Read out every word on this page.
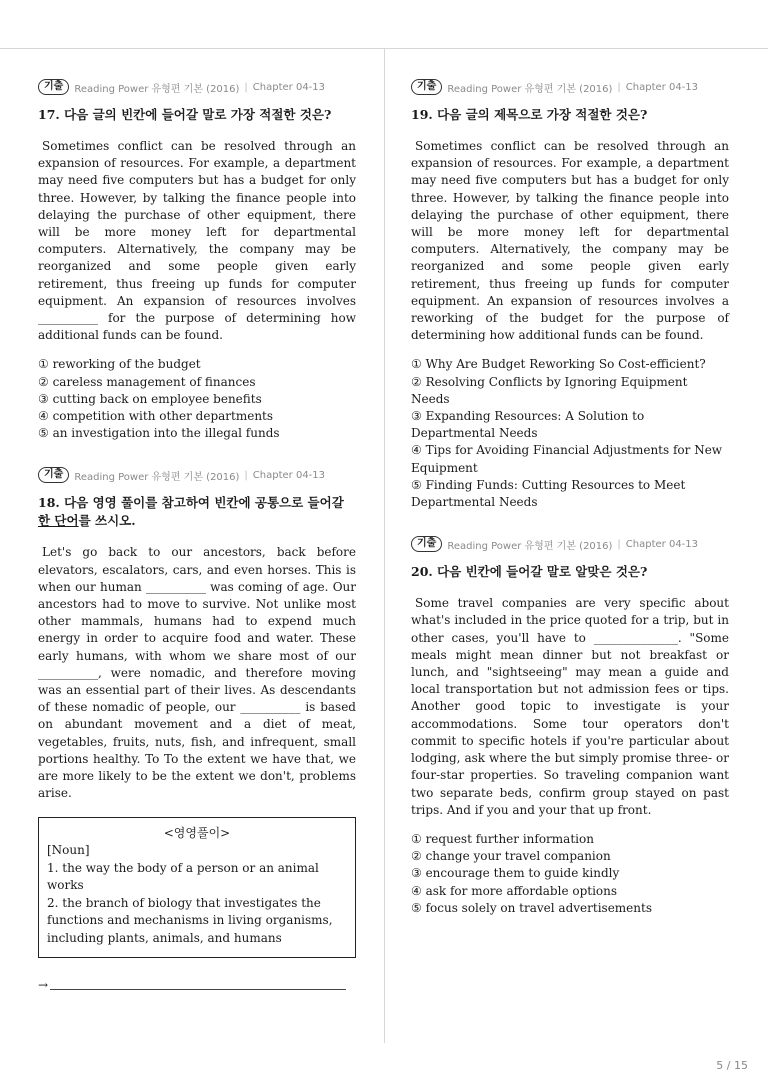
기출	Reading Power 유형편 기본 (2016) | Chapter 04-13
17. 다음 글의 빈칸에 들어갈 말로 가장 적절한 것은?

Sometimes conflict can be resolved through an expansion of resources. For example, a department may need five computers but has a budget for only three. However, by talking the finance people into delaying the purchase of other equipment, there will be more money left for departmental computers. Alternatively, the company may be reorganized and some people given early retirement, thus freeing up funds for computer equipment. An expansion of resources involves __________ for the purpose of determining how additional funds can be found.

① reworking of the budget
② careless management of finances
③ cutting back on employee benefits
④ competition with other departments
⑤ an investigation into the illegal funds
기출	Reading Power 유형편 기본 (2016) | Chapter 04-13
18. 다음 영영 풀이를 참고하여 빈칸에 공통으로 들어갈 한 단어를 쓰시오.

Let's go back to our ancestors, back before elevators, escalators, cars, and even horses. This is when our human __________ was coming of age. Our ancestors had to move to survive. Not unlike most other mammals, humans had to expend much energy in order to acquire food and water. These early humans, with whom we share most of our __________, were nomadic, and therefore moving was an essential part of their lives. As descendants of these nomadic of people, our __________ is based on abundant movement and a diet of meat, vegetables, fruits, nuts, fish, and infrequent, small portions healthy. To To the extent we have that, we are more likely to be the extent we don't, problems arise.

<영영풀이>
[Noun]
1. the way the body of a person or an animal works
2. the branch of biology that investigates the functions and mechanisms in living organisms, including plants, animals, and humans
→
기출	Reading Power 유형편 기본 (2016) | Chapter 04-13
19. 다음 글의 제목으로 가장 적절한 것은?

Sometimes conflict can be resolved through an expansion of resources. For example, a department may need five computers but has a budget for only three. However, by talking the finance people into delaying the purchase of other equipment, there will be more money left for departmental computers. Alternatively, the company may be reorganized and some people given early retirement, thus freeing up funds for computer equipment. An expansion of resources involves a reworking of the budget for the purpose of determining how additional funds can be found.

① Why Are Budget Reworking So Cost-efficient?
② Resolving Conflicts by Ignoring Equipment Needs
③ Expanding Resources: A Solution to Departmental Needs
④ Tips for Avoiding Financial Adjustments for New Equipment
⑤ Finding Funds: Cutting Resources to Meet Departmental Needs
기출	Reading Power 유형편 기본 (2016) | Chapter 04-13
20. 다음 빈칸에 들어갈 말로 알맞은 것은?

Some travel companies are very specific about what's included in the price quoted for a trip, but in other cases, you'll have to ______________. "Some meals might mean dinner but not breakfast or lunch, and "sightseeing" may mean a guide and local transportation but not admission fees or tips. Another good topic to investigate is your accommodations. Some tour operators don't commit to specific hotels if you're particular about lodging, ask where the but simply promise three- or four-star properties. So traveling companion want two separate beds, confirm group stayed on past trips. And if you and your that up front.

① request further information
② change your travel companion
③ encourage them to guide kindly
④ ask for more affordable options
⑤ focus solely on travel advertisements
5 / 15
